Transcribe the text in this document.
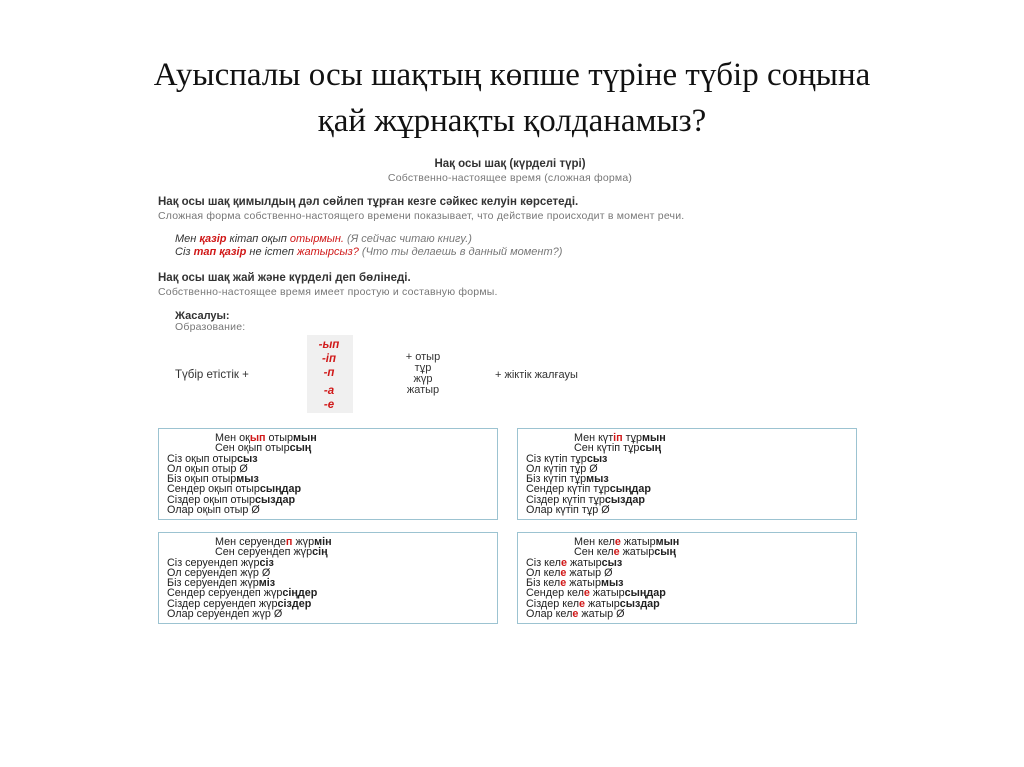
Ауыспалы осы шақтың көпше түріне түбір соңына
қай жұрнақты қолданамыз?
Нақ осы шақ (күрделі түрі)
Собственно-настоящее время (сложная форма)
Нақ осы шақ қимылдың дәл сөйлеп тұрған кезге сәйкес келуін көрсетеді.
Сложная форма собственно-настоящего времени показывает, что действие происходит в момент речи.
Мен қазір кітап оқып отырмын. (Я сейчас читаю книгу.)
Сіз тап қазір не істеп жатырсыз? (Что ты делаешь в данный момент?)
Нақ осы шақ жай және күрделі деп бөлінеді.
Собственно-настоящее время имеет простую и составную формы.
Жасалуы:
Образование:
Түбір етістік +
-ып
-іп
-п
-а
-е
+ отыр
тұр
жүр
жатыр
+ жіктік жалғауы
Мен оқып отырмын
Сен оқып отырсың
Сіз оқып отырсыз
Ол оқып отыр Ø
Біз оқып отырмыз
Сендер оқып отырсыңдар
Сіздер оқып отырсыздар
Олар оқып отыр Ø
Мен күтіп тұрмын
Сен күтіп тұрсың
Сіз күтіп тұрсыз
Ол күтіп тұр Ø
Біз күтіп тұрмыз
Сендер күтіп тұрсыңдар
Сіздер күтіп тұрсыздар
Олар күтіп тұр Ø
Мен серуендеп жүрмін
Сен серуендеп жүрсің
Сіз серуендеп жүрсіз
Ол серуендеп жүр Ø
Біз серуендеп жүрміз
Сендер серуендеп жүрсіңдер
Сіздер серуендеп жүрсіздер
Олар серуендеп жүр Ø
Мен келе жатырмын
Сен келе жатырсың
Сіз келе жатырсыз
Ол келе жатыр Ø
Біз келе жатырмыз
Сендер келе жатырсыңдар
Сіздер келе жатырсыздар
Олар келе жатыр Ø
